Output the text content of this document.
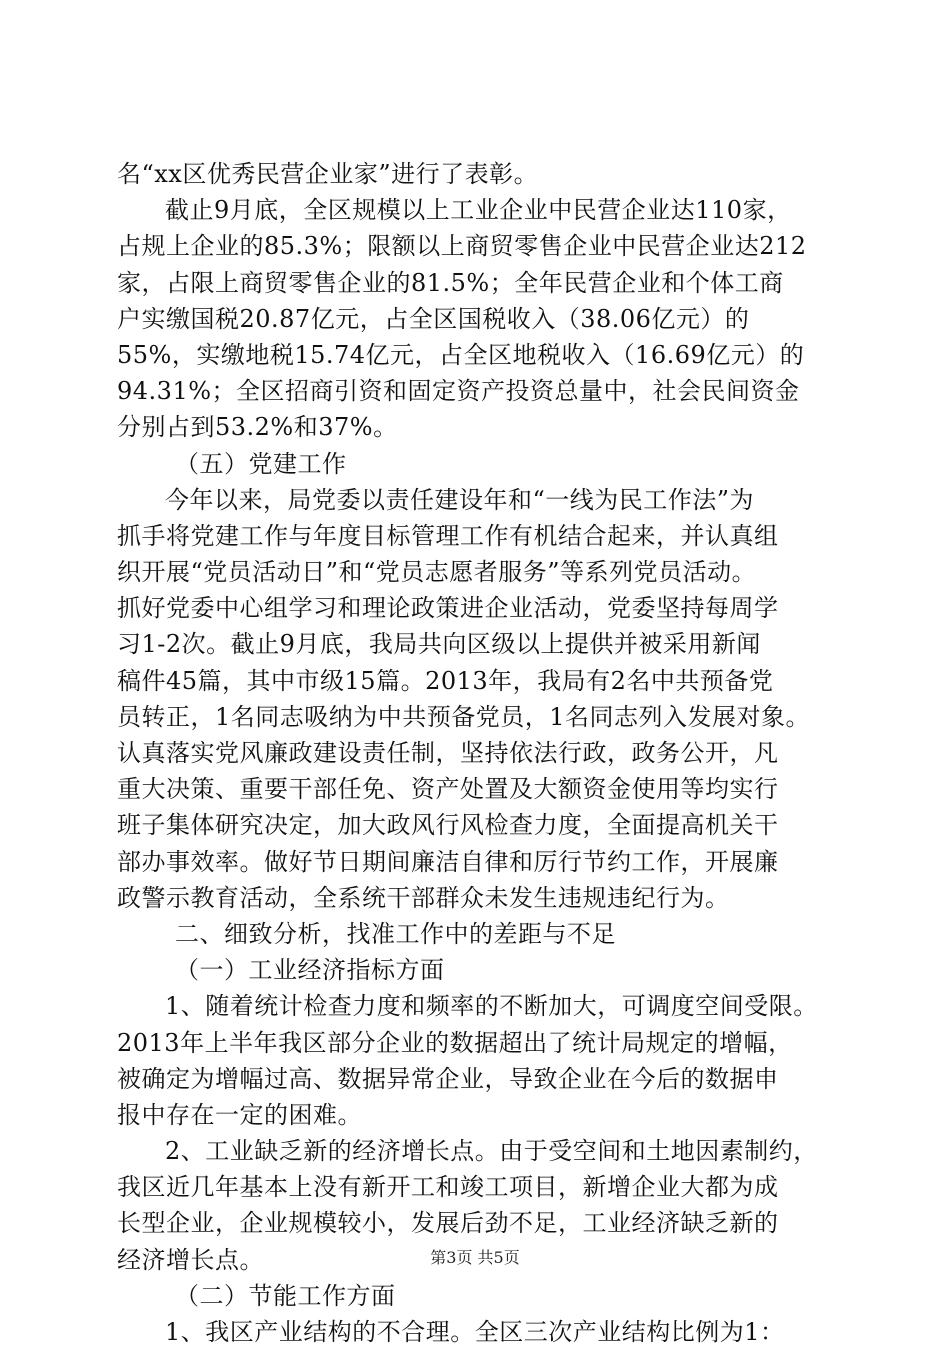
名“xx区优秀民营企业家”进行了表彰。
截止9月底，全区规模以上工业企业中民营企业达110家，
占规上企业的85.3%；限额以上商贸零售企业中民营企业达212
家，占限上商贸零售企业的81.5%；全年民营企业和个体工商
户实缴国税20.87亿元，占全区国税收入（38.06亿元）的
55%，实缴地税15.74亿元，占全区地税收入（16.69亿元）的
94.31%；全区招商引资和固定资产投资总量中，社会民间资金
分别占到53.2%和37%。
（五）党建工作
今年以来，局党委以责任建设年和“一线为民工作法”为
抓手将党建工作与年度目标管理工作有机结合起来，并认真组
织开展“党员活动日”和“党员志愿者服务”等系列党员活动。
抓好党委中心组学习和理论政策进企业活动，党委坚持每周学
习1-2次。截止9月底，我局共向区级以上提供并被采用新闻
稿件45篇，其中市级15篇。2013年，我局有2名中共预备党
员转正，1名同志吸纳为中共预备党员，1名同志列入发展对象。
认真落实党风廉政建设责任制，坚持依法行政，政务公开，凡
重大决策、重要干部任免、资产处置及大额资金使用等均实行
班子集体研究决定，加大政风行风检查力度，全面提高机关干
部办事效率。做好节日期间廉洁自律和厉行节约工作，开展廉
政警示教育活动，全系统干部群众未发生违规违纪行为。
二、细致分析，找准工作中的差距与不足
（一）工业经济指标方面
1、随着统计检查力度和频率的不断加大，可调度空间受限。
2013年上半年我区部分企业的数据超出了统计局规定的增幅，
被确定为增幅过高、数据异常企业，导致企业在今后的数据申
报中存在一定的困难。
2、工业缺乏新的经济增长点。由于受空间和土地因素制约，
我区近几年基本上没有新开工和竣工项目，新增企业大都为成
长型企业，企业规模较小，发展后劲不足，工业经济缺乏新的
经济增长点。
（二）节能工作方面
1、我区产业结构的不合理。全区三次产业结构比例为1：
第3页 共5页
